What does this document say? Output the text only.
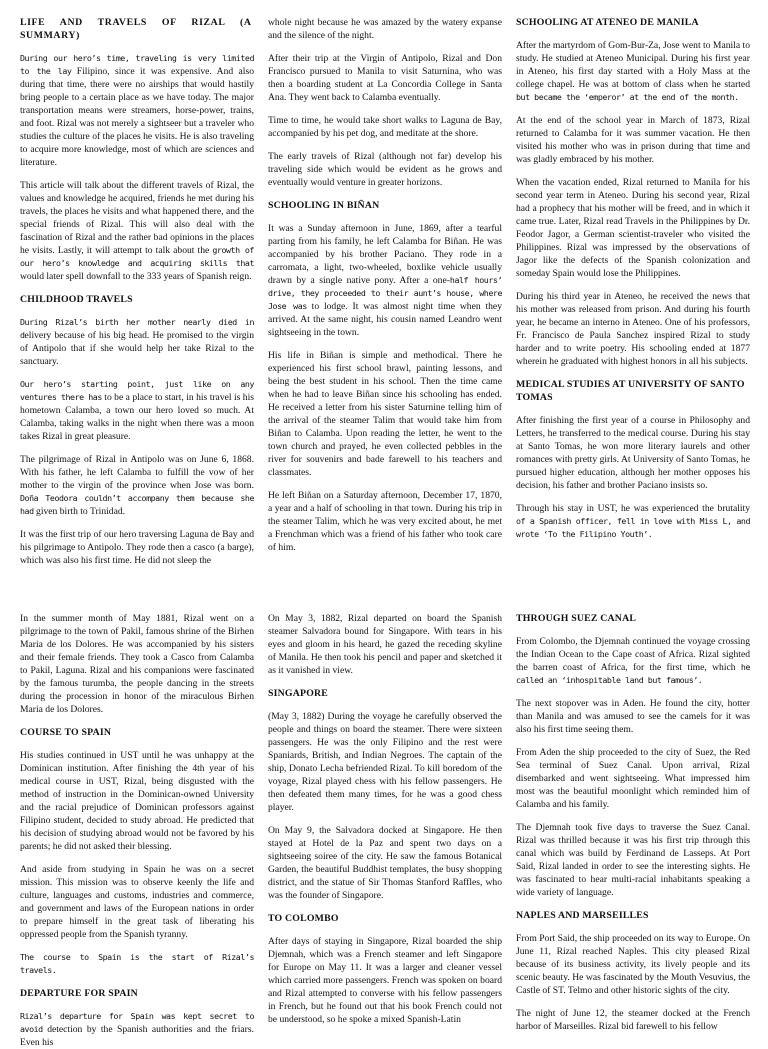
LIFE AND TRAVELS OF RIZAL (A SUMMARY)

During our hero’s time, traveling is very limited to the lay Filipino, since it was expensive. And also during that time, there were no airships that would hastily bring people to a certain place as we have today. The major transportation means were streamers, horse-power, trains, and foot. Rizal was not merely a sightseer but a traveler who studies the culture of the places he visits. He is also traveling to acquire more knowledge, most of which are sciences and literature.

This article will talk about the different travels of Rizal, the values and knowledge he acquired, friends he met during his travels, the places he visits and what happened there, and the special friends of Rizal. This will also deal with the fascination of Rizal and the rather bad opinions in the places he visits. Lastly, it will attempt to talk about the growth of our hero’s knowledge and acquiring skills that would later spell downfall to the 333 years of Spanish reign.

CHILDHOOD TRAVELS

During Rizal’s birth her mother nearly died in delivery because of his big head. He promised to the virgin of Antipolo that if she would help her take Rizal to the sanctuary.

Our hero’s starting point, just like on any ventures there has to be a place to start, in his travel is his hometown Calamba, a town our hero loved so much. At Calamba, taking walks in the night when there was a moon takes Rizal in great pleasure.

The pilgrimage of Rizal in Antipolo was on June 6, 1868. With his father, he left Calamba to fulfill the vow of her mother to the virgin of the province when Jose was born. Doña Teodora couldn’t accompany them because she had given birth to Trinidad.

It was the first trip of our hero traversing Laguna de Bay and his pilgrimage to Antipolo. They rode then a casco (a barge), which was also his first time. He did not sleep the

whole night because he was amazed by the watery expanse and the silence of the night.

After their trip at the Virgin of Antipolo, Rizal and Don Francisco pursued to Manila to visit Saturnina, who was then a boarding student at La Concordia College in Santa Ana. They went back to Calamba eventually.

Time to time, he would take short walks to Laguna de Bay, accompanied by his pet dog, and meditate at the shore.

The early travels of Rizal (although not far) develop his traveling side which would be evident as he grows and eventually would venture in greater horizons.

SCHOOLING IN BIÑAN

It was a Sunday afternoon in June, 1869, after a tearful parting from his family, he left Calamba for Biñan. He was accompanied by his brother Paciano. They rode in a carromata, a light, two-wheeled, boxlike vehicle usually drawn by a single native pony. After a one-half hours’ drive, they proceeded to their aunt’s house, where Jose was to lodge. It was almost night time when they arrived. At the same night, his cousin named Leandro went sightseeing in the town.

His life in Biñan is simple and methodical. There he experienced his first school brawl, painting lessons, and being the best student in his school. Then the time came when he had to leave Biñan since his schooling has ended. He received a letter from his sister Saturnine telling him of the arrival of the steamer Talim that would take him from Biñan to Calamba. Upon reading the letter, he went to the town church and prayed, he even collected pebbles in the river for souvenirs and bade farewell to his teachers and classmates.

He left Biñan on a Saturday afternoon, December 17, 1870, a year and a half of schooling in that town. During his trip in the steamer Talim, which he was very excited about, he met a Frenchman which was a friend of his father who took care of him.

SCHOOLING AT ATENEO DE MANILA

After the martyrdom of Gom-Bur-Za, Jose went to Manila to study. He studied at Ateneo Municipal. During his first year in Ateneo, his first day started with a Holy Mass at the college chapel. He was at bottom of class when he started but became the ‘emperor’ at the end of the month.

At the end of the school year in March of 1873, Rizal returned to Calamba for it was summer vacation. He then visited his mother who was in prison during that time and was gladly embraced by his mother.

When the vacation ended, Rizal returned to Manila for his second year term in Ateneo. During his second year, Rizal had a prophecy that his mother will be freed, and in which it came true. Later, Rizal read Travels in the Philippines by Dr. Feodor Jagor, a German scientist-traveler who visited the Philippines. Rizal was impressed by the observations of Jagor like the defects of the Spanish colonization and someday Spain would lose the Philippines.

During his third year in Ateneo, he received the news that his mother was released from prison. And during his fourth year, he became an interno in Ateneo. One of his professors, Fr. Francisco de Paula Sanchez inspired Rizal to study harder and to write poetry. His schooling ended at 1877 wherein he graduated with highest honors in all his subjects.

MEDICAL STUDIES AT UNIVERSITY OF SANTO TOMAS

After finishing the first year of a course in Philosophy and Letters, he transferred to the medical course. During his stay at Santo Tomas, he won more literary laurels and other romances with pretty girls. At University of Santo Tomas, he pursued higher education, although her mother opposes his decision, his father and brother Paciano insists so.

Through his stay in UST, he was experienced the brutality of a Spanish officer, fell in love with Miss L, and wrote ‘To the Filipino Youth’.

In the summer month of May 1881, Rizal went on a pilgrimage to the town of Pakil, famous shrine of the Birhen Maria de los Dolores. He was accompanied by his sisters and their female friends. They took a Casco from Calamba to Pakil, Laguna. Rizal and his companions were fascinated by the famous turumba, the people dancing in the streets during the procession in honor of the miraculous Birhen Maria de los Dolores.

COURSE TO SPAIN

His studies continued in UST until he was unhappy at the Dominican institution. After finishing the 4th year of his medical course in UST, Rizal, being disgusted with the method of instruction in the Dominican-owned University and the racial prejudice of Dominican professors against Filipino student, decided to study abroad. He predicted that his decision of studying abroad would not be favored by his parents; he did not asked their blessing.

And aside from studying in Spain he was on a secret mission. This mission was to observe keenly the life and culture, languages and customs, industries and commerce, and government and laws of the European nations in order to prepare himself in the great task of liberating his oppressed people from the Spanish tyranny.

The course to Spain is the start of Rizal’s travels.

DEPARTURE FOR SPAIN

Rizal’s departure for Spain was kept secret to avoid detection by the Spanish authorities and the friars. Even his

On May 3, 1882, Rizal departed on board the Spanish steamer Salvadora bound for Singapore. With tears in his eyes and gloom in his heard, he gazed the receding skyline of Manila. He then took his pencil and paper and sketched it as it vanished in view.

SINGAPORE

(May 3, 1882) During the voyage he carefully observed the people and things on board the steamer. There were sixteen passengers. He was the only Filipino and the rest were Spaniards, British, and Indian Negroes. The captain of the ship, Donato Lecha befriended Rizal. To kill boredom of the voyage, Rizal played chess with his fellow passengers. He then defeated them many times, for he was a good chess player.

On May 9, the Salvadora docked at Singapore. He then stayed at Hotel de la Paz and spent two days on a sightseeing soiree of the city. He saw the famous Botanical Garden, the beautiful Buddhist templates, the busy shopping district, and the statue of Sir Thomas Stanford Raffles, who was the founder of Singapore.

TO COLOMBO

After days of staying in Singapore, Rizal boarded the ship Djemnah, which was a French steamer and left Singapore for Europe on May 11. It was a larger and cleaner vessel which carried more passengers. French was spoken on board and Rizal attempted to converse with his fellow passengers in French, but he found out that his book French could not be understood, so he spoke a mixed Spanish-Latin

THROUGH SUEZ CANAL

From Colombo, the Djemnah continued the voyage crossing the Indian Ocean to the Cape coast of Africa. Rizal sighted the barren coast of Africa, for the first time, which he called an ‘inhospitable land but famous’.

The next stopover was in Aden. He found the city, hotter than Manila and was amused to see the camels for it was also his first time seeing them.

From Aden the ship proceeded to the city of Suez, the Red Sea terminal of Suez Canal. Upon arrival, Rizal disembarked and went sightseeing. What impressed him most was the beautiful moonlight which reminded him of Calamba and his family.

The Djemnah took five days to traverse the Suez Canal. Rizal was thrilled because it was his first trip through this canal which was build by Ferdinand de Lasseps. At Port Said, Rizal landed in order to see the interesting sights. He was fascinated to hear multi-racial inhabitants speaking a wide variety of language.

NAPLES AND MARSEILLES

From Port Said, the ship proceeded on its way to Europe. On June 11, Rizal reached Naples. This city pleased Rizal because of its business activity, its lively people and its scenic beauty. He was fascinated by the Mouth Vesuvius, the Castle of ST. Telmo and other historic sights of the city.

The night of June 12, the steamer docked at the French harbor of Marseilles. Rizal bid farewell to his fellow
